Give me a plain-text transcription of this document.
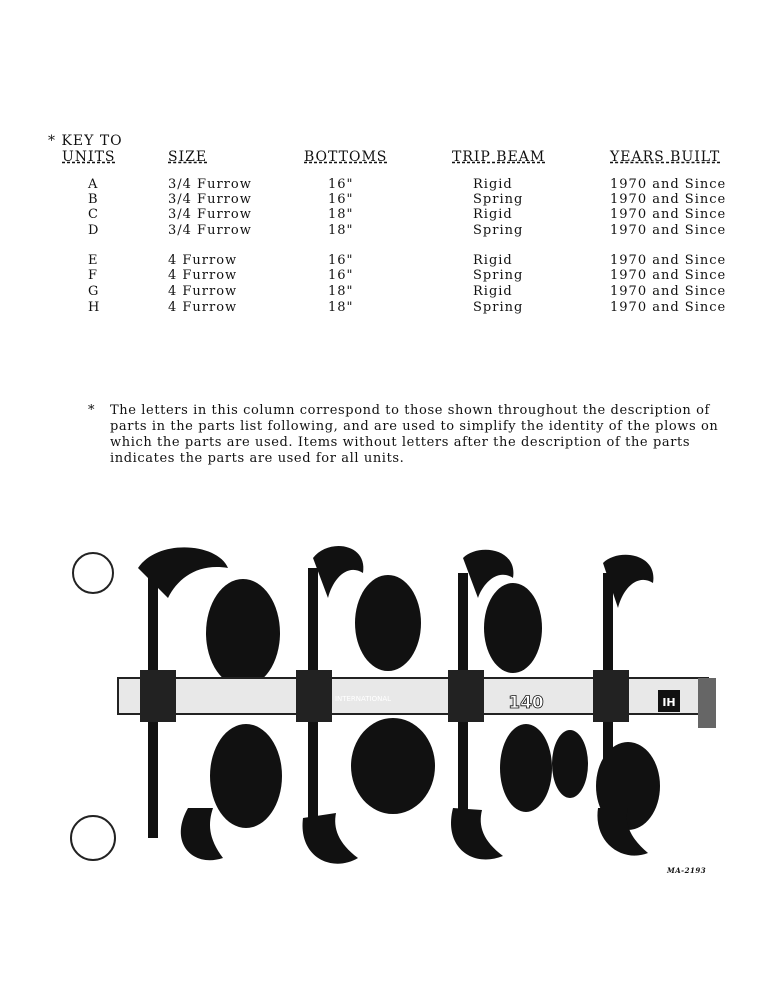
* KEY TO
UNITS	SIZE	BOTTOMS	TRIP BEAM	YEARS BUILT
A	3/4 Furrow	16"	Rigid	1970 and Since
B	3/4 Furrow	16"	Spring	1970 and Since
C	3/4 Furrow	18"	Rigid	1970 and Since
D	3/4 Furrow	18"	Spring	1970 and Since
E	4 Furrow	16"	Rigid	1970 and Since
F	4 Furrow	16"	Spring	1970 and Since
G	4 Furrow	18"	Rigid	1970 and Since
H	4 Furrow	18"	Spring	1970 and Since
* The letters in this column correspond to those shown throughout the description of parts in the parts list following, and are used to simplify the identity of the plows on which the parts are used. Items without letters after the description of the parts indicates the parts are used for all units.

INTERNATIONAL	140	IH
MA-2193
